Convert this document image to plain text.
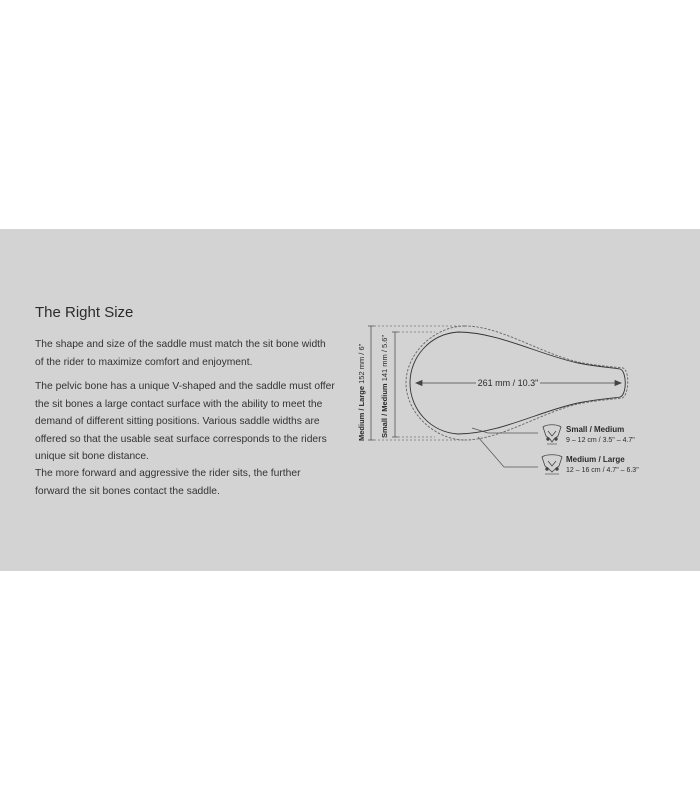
The Right Size

The shape and size of the saddle must match the sit bone width of the rider to maximize comfort and enjoyment.

The pelvic bone has a unique V-shaped and the saddle must offer the sit bones a large contact surface with the ability to meet the demand of different sitting positions. Various saddle widths are offered so that the usable seat surface corresponds to the riders unique sit bone distance.

The more forward and aggressive the rider sits, the further forward the sit bones contact the saddle.

Medium / Large 152 mm / 6"
Small / Medium 141 mm / 5.6"
261 mm / 10.3"
Small / Medium
9 – 12 cm / 3.5" – 4.7"
Medium / Large
12 – 16 cm / 4.7" – 6.3"
